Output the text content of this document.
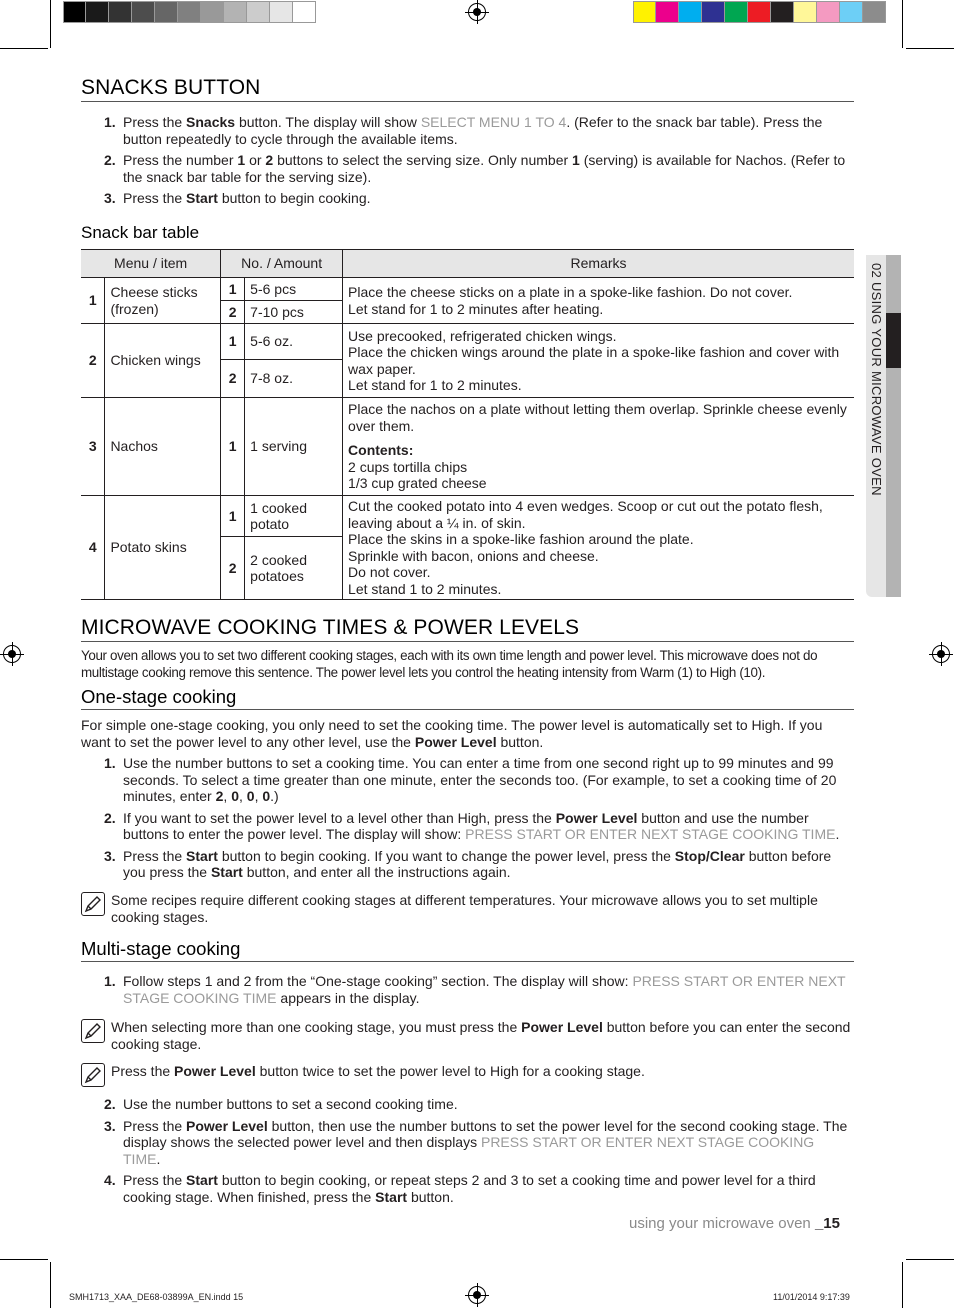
SNACKS BUTTON
1. Press the Snacks button. The display will show SELECT MENU 1 TO 4. (Refer to the snack bar table). Press the button repeatedly to cycle through the available items.
2. Press the number 1 or 2 buttons to select the serving size. Only number 1 (serving) is available for Nachos. (Refer to the snack bar table for the serving size).
3. Press the Start button to begin cooking.
Snack bar table
Menu / item		No. / Amount		Remarks
1	Cheese sticks (frozen)	1	5-6 pcs	Place the cheese sticks on a plate in a spoke-like fashion. Do not cover.
Let stand for 1 to 2 minutes after heating.
		2	7-10 pcs	
2	Chicken wings	1	5-6 oz.	Use precooked, refrigerated chicken wings.
Place the chicken wings around the plate in a spoke-like fashion and cover with wax paper.
Let stand for 1 to 2 minutes.
		2	7-8 oz.	
3	Nachos	1	1 serving	Place the nachos on a plate without letting them overlap. Sprinkle cheese evenly over them.
Contents:
2 cups tortilla chips
1/3 cup grated cheese
4	Potato skins	1	1 cooked potato	Cut the cooked potato into 4 even wedges. Scoop or cut out the potato flesh, leaving about a ¼ in. of skin.
Place the skins in a spoke-like fashion around the plate.
Sprinkle with bacon, onions and cheese.
Do not cover.
Let stand 1 to 2 minutes.
		2	2 cooked potatoes	
MICROWAVE COOKING TIMES & POWER LEVELS
Your oven allows you to set two different cooking stages, each with its own time length and power level. This microwave does not do multistage cooking remove this sentence. The power level lets you control the heating intensity from Warm (1) to High (10).
One-stage cooking
For simple one-stage cooking, you only need to set the cooking time. The power level is automatically set to High. If you want to set the power level to any other level, use the Power Level button.
1. Use the number buttons to set a cooking time. You can enter a time from one second right up to 99 minutes and 99 seconds. To select a time greater than one minute, enter the seconds too. (For example, to set a cooking time of 20 minutes, enter 2, 0, 0, 0.)
2. If you want to set the power level to a level other than High, press the Power Level button and use the number buttons to enter the power level. The display will show: PRESS START OR ENTER NEXT STAGE COOKING TIME.
3. Press the Start button to begin cooking. If you want to change the power level, press the Stop/Clear button before you press the Start button, and enter all the instructions again.
Some recipes require different cooking stages at different temperatures. Your microwave allows you to set multiple cooking stages.
Multi-stage cooking
1. Follow steps 1 and 2 from the “One-stage cooking” section. The display will show: PRESS START OR ENTER NEXT STAGE COOKING TIME appears in the display.
When selecting more than one cooking stage, you must press the Power Level button before you can enter the second cooking stage.
Press the Power Level button twice to set the power level to High for a cooking stage.
2. Use the number buttons to set a second cooking time.
3. Press the Power Level button, then use the number buttons to set the power level for the second cooking stage. The display shows the selected power level and then displays PRESS START OR ENTER NEXT STAGE COOKING TIME.
4. Press the Start button to begin cooking, or repeat steps 2 and 3 to set a cooking time and power level for a third cooking stage. When finished, press the Start button.
02 USING YOUR MICROWAVE OVEN
using your microwave oven _15
SMH1713_XAA_DE68-03899A_EN.indd 15	11/01/2014 9:17:39
